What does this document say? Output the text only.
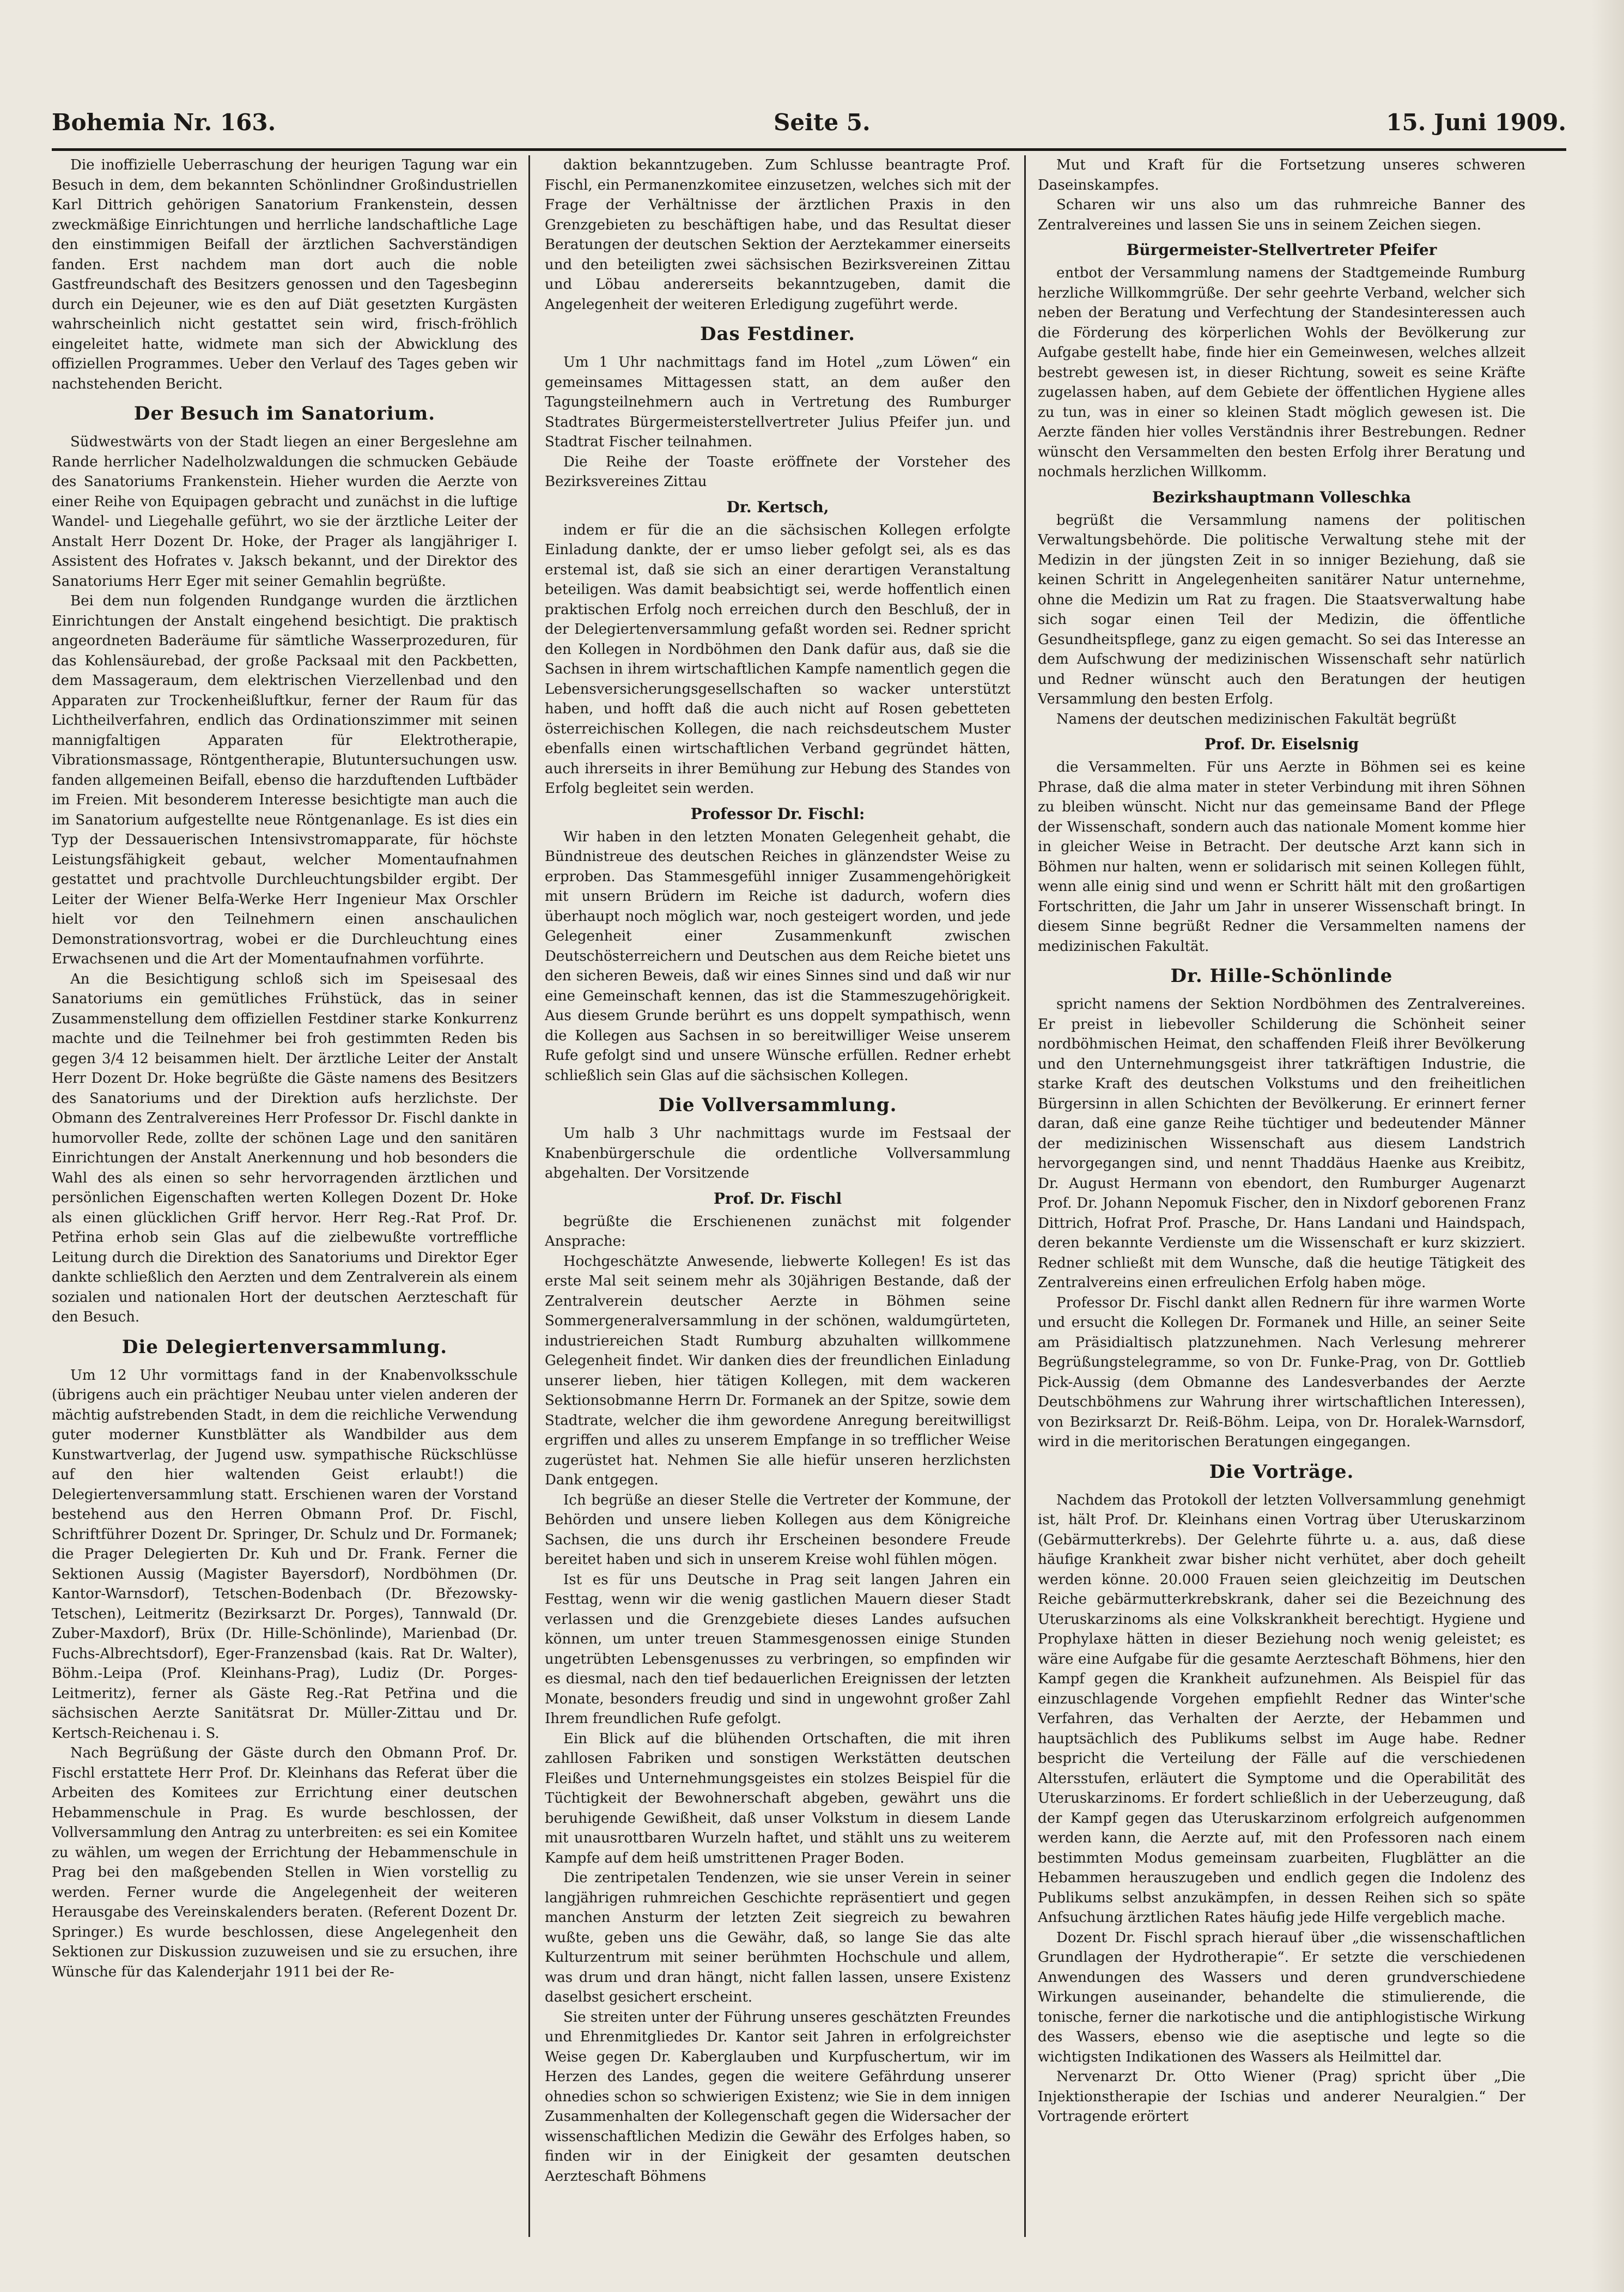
Bohemia Nr. 163.	Seite 5.	15. Juni 1909.

Die inoffizielle Ueberraschung der heurigen Tagung war ein Besuch in dem, dem bekannten Schönlindner Großindustriellen Karl Dittrich gehörigen Sanatorium Frankenstein, dessen zweckmäßige Einrichtungen und herrliche landschaftliche Lage den einstimmigen Beifall der ärztlichen Sachverständigen fanden. Erst nachdem man dort auch die noble Gastfreundschaft des Besitzers genossen und den Tagesbeginn durch ein Dejeuner, wie es den auf Diät gesetzten Kurgästen wahrscheinlich nicht gestattet sein wird, frisch-fröhlich eingeleitet hatte, widmete man sich der Abwicklung des offiziellen Programmes. Ueber den Verlauf des Tages geben wir nachstehenden Bericht.

Der Besuch im Sanatorium.

Südwestwärts von der Stadt liegen an einer Bergeslehne am Rande herrlicher Nadelholzwaldungen die schmucken Gebäude des Sanatoriums Frankenstein. Hieher wurden die Aerzte von einer Reihe von Equipagen gebracht und zunächst in die luftige Wandel- und Liegehalle geführt, wo sie der ärztliche Leiter der Anstalt Herr Dozent Dr. Hoke, der Prager als langjähriger I. Assistent des Hofrates v. Jaksch bekannt, und der Direktor des Sanatoriums Herr Eger mit seiner Gemahlin begrüßte.

Bei dem nun folgenden Rundgange wurden die ärztlichen Einrichtungen der Anstalt eingehend besichtigt. Die praktisch angeordneten Baderäume für sämtliche Wasserprozeduren, für das Kohlensäurebad, der große Packsaal mit den Packbetten, dem Massageraum, dem elektrischen Vierzellenbad und den Apparaten zur Trockenheißluftkur, ferner der Raum für das Lichtheilverfahren, endlich das Ordinationszimmer mit seinen mannigfaltigen Apparaten für Elektrotherapie, Vibrationsmassage, Röntgentherapie, Blutuntersuchungen usw. fanden allgemeinen Beifall, ebenso die harzduftenden Luftbäder im Freien. Mit besonderem Interesse besichtigte man auch die im Sanatorium aufgestellte neue Röntgenanlage. Es ist dies ein Typ der Dessauerischen Intensivstromapparate, für höchste Leistungsfähigkeit gebaut, welcher Momentaufnahmen gestattet und prachtvolle Durchleuchtungsbilder ergibt. Der Leiter der Wiener Belfa-Werke Herr Ingenieur Max Orschler hielt vor den Teilnehmern einen anschaulichen Demonstrationsvortrag, wobei er die Durchleuchtung eines Erwachsenen und die Art der Momentaufnahmen vorführte.

An die Besichtigung schloß sich im Speisesaal des Sanatoriums ein gemütliches Frühstück, das in seiner Zusammenstellung dem offiziellen Festdiner starke Konkurrenz machte und die Teilnehmer bei froh gestimmten Reden bis gegen 3/4 12 beisammen hielt. Der ärztliche Leiter der Anstalt Herr Dozent Dr. Hoke begrüßte die Gäste namens des Besitzers des Sanatoriums und der Direktion aufs herzlichste. Der Obmann des Zentralvereines Herr Professor Dr. Fischl dankte in humorvoller Rede, zollte der schönen Lage und den sanitären Einrichtungen der Anstalt Anerkennung und hob besonders die Wahl des als einen so sehr hervorragenden ärztlichen und persönlichen Eigenschaften werten Kollegen Dozent Dr. Hoke als einen glücklichen Griff hervor. Herr Reg.-Rat Prof. Dr. Petřina erhob sein Glas auf die zielbewußte vortreffliche Leitung durch die Direktion des Sanatoriums und Direktor Eger dankte schließlich den Aerzten und dem Zentralverein als einem sozialen und nationalen Hort der deutschen Aerzteschaft für den Besuch.

Die Delegiertenversammlung.

Um 12 Uhr vormittags fand in der Knabenvolksschule (übrigens auch ein prächtiger Neubau unter vielen anderen der mächtig aufstrebenden Stadt, in dem die reichliche Verwendung guter moderner Kunstblätter als Wandbilder aus dem Kunstwartverlag, der Jugend usw. sympathische Rückschlüsse auf den hier waltenden Geist erlaubt!) die Delegiertenversammlung statt. Erschienen waren der Vorstand bestehend aus den Herren Obmann Prof. Dr. Fischl, Schriftführer Dozent Dr. Springer, Dr. Schulz und Dr. Formanek; die Prager Delegierten Dr. Kuh und Dr. Frank. Ferner die Sektionen Aussig (Magister Bayersdorf), Nordböhmen (Dr. Kantor-Warnsdorf), Tetschen-Bodenbach (Dr. Březowsky-Tetschen), Leitmeritz (Bezirksarzt Dr. Porges), Tannwald (Dr. Zuber-Maxdorf), Brüx (Dr. Hille-Schönlinde), Marienbad (Dr. Fuchs-Albrechtsdorf), Eger-Franzensbad (kais. Rat Dr. Walter), Böhm.-Leipa (Prof. Kleinhans-Prag), Ludiz (Dr. Porges-Leitmeritz), ferner als Gäste Reg.-Rat Petřina und die sächsischen Aerzte Sanitätsrat Dr. Müller-Zittau und Dr. Kertsch-Reichenau i. S.

Nach Begrüßung der Gäste durch den Obmann Prof. Dr. Fischl erstattete Herr Prof. Dr. Kleinhans das Referat über die Arbeiten des Komitees zur Errichtung einer deutschen Hebammenschule in Prag. Es wurde beschlossen, der Vollversammlung den Antrag zu unterbreiten: es sei ein Komitee zu wählen, um wegen der Errichtung der Hebammenschule in Prag bei den maßgebenden Stellen in Wien vorstellig zu werden. Ferner wurde die Angelegenheit der weiteren Herausgabe des Vereinskalenders beraten. (Referent Dozent Dr. Springer.) Es wurde beschlossen, diese Angelegenheit den Sektionen zur Diskussion zuzuweisen und sie zu ersuchen, ihre Wünsche für das Kalenderjahr 1911 bei der Re-

daktion bekanntzugeben. Zum Schlusse beantragte Prof. Fischl, ein Permanenzkomitee einzusetzen, welches sich mit der Frage der Verhältnisse der ärztlichen Praxis in den Grenzgebieten zu beschäftigen habe, und das Resultat dieser Beratungen der deutschen Sektion der Aerztekammer einerseits und den beteiligten zwei sächsischen Bezirksvereinen Zittau und Löbau andererseits bekanntzugeben, damit die Angelegenheit der weiteren Erledigung zugeführt werde.

Das Festdiner.

Um 1 Uhr nachmittags fand im Hotel „zum Löwen“ ein gemeinsames Mittagessen statt, an dem außer den Tagungsteilnehmern auch in Vertretung des Rumburger Stadtrates Bürgermeisterstellvertreter Julius Pfeifer jun. und Stadtrat Fischer teilnahmen.

Die Reihe der Toaste eröffnete der Vorsteher des Bezirksvereines Zittau

Dr. Kertsch,

indem er für die an die sächsischen Kollegen erfolgte Einladung dankte, der er umso lieber gefolgt sei, als es das erstemal ist, daß sie sich an einer derartigen Veranstaltung beteiligen. Was damit beabsichtigt sei, werde hoffentlich einen praktischen Erfolg noch erreichen durch den Beschluß, der in der Delegiertenversammlung gefaßt worden sei. Redner spricht den Kollegen in Nordböhmen den Dank dafür aus, daß sie die Sachsen in ihrem wirtschaftlichen Kampfe namentlich gegen die Lebensversicherungsgesellschaften so wacker unterstützt haben, und hofft daß die auch nicht auf Rosen gebetteten österreichischen Kollegen, die nach reichsdeutschem Muster ebenfalls einen wirtschaftlichen Verband gegründet hätten, auch ihrerseits in ihrer Bemühung zur Hebung des Standes von Erfolg begleitet sein werden.

Professor Dr. Fischl:

Wir haben in den letzten Monaten Gelegenheit gehabt, die Bündnistreue des deutschen Reiches in glänzendster Weise zu erproben. Das Stammesgefühl inniger Zusammengehörigkeit mit unsern Brüdern im Reiche ist dadurch, wofern dies überhaupt noch möglich war, noch gesteigert worden, und jede Gelegenheit einer Zusammenkunft zwischen Deutschösterreichern und Deutschen aus dem Reiche bietet uns den sicheren Beweis, daß wir eines Sinnes sind und daß wir nur eine Gemeinschaft kennen, das ist die Stammeszugehörigkeit. Aus diesem Grunde berührt es uns doppelt sympathisch, wenn die Kollegen aus Sachsen in so bereitwilliger Weise unserem Rufe gefolgt sind und unsere Wünsche erfüllen. Redner erhebt schließlich sein Glas auf die sächsischen Kollegen.

Die Vollversammlung.

Um halb 3 Uhr nachmittags wurde im Festsaal der Knabenbürgerschule die ordentliche Vollversammlung abgehalten. Der Vorsitzende

Prof. Dr. Fischl

begrüßte die Erschienenen zunächst mit folgender Ansprache:

Hochgeschätzte Anwesende, liebwerte Kollegen! Es ist das erste Mal seit seinem mehr als 30jährigen Bestande, daß der Zentralverein deutscher Aerzte in Böhmen seine Sommergeneralversammlung in der schönen, waldumgürteten, industriereichen Stadt Rumburg abzuhalten willkommene Gelegenheit findet. Wir danken dies der freundlichen Einladung unserer lieben, hier tätigen Kollegen, mit dem wackeren Sektionsobmanne Herrn Dr. Formanek an der Spitze, sowie dem Stadtrate, welcher die ihm gewordene Anregung bereitwilligst ergriffen und alles zu unserem Empfange in so trefflicher Weise zugerüstet hat. Nehmen Sie alle hiefür unseren herzlichsten Dank entgegen.

Ich begrüße an dieser Stelle die Vertreter der Kommune, der Behörden und unsere lieben Kollegen aus dem Königreiche Sachsen, die uns durch ihr Erscheinen besondere Freude bereitet haben und sich in unserem Kreise wohl fühlen mögen.

Ist es für uns Deutsche in Prag seit langen Jahren ein Festtag, wenn wir die wenig gastlichen Mauern dieser Stadt verlassen und die Grenzgebiete dieses Landes aufsuchen können, um unter treuen Stammesgenossen einige Stunden ungetrübten Lebensgenusses zu verbringen, so empfinden wir es diesmal, nach den tief bedauerlichen Ereignissen der letzten Monate, besonders freudig und sind in ungewohnt großer Zahl Ihrem freundlichen Rufe gefolgt.

Ein Blick auf die blühenden Ortschaften, die mit ihren zahllosen Fabriken und sonstigen Werkstätten deutschen Fleißes und Unternehmungsgeistes ein stolzes Beispiel für die Tüchtigkeit der Bewohnerschaft abgeben, gewährt uns die beruhigende Gewißheit, daß unser Volkstum in diesem Lande mit unausrottbaren Wurzeln haftet, und stählt uns zu weiterem Kampfe auf dem heiß umstrittenen Prager Boden.

Die zentripetalen Tendenzen, wie sie unser Verein in seiner langjährigen ruhmreichen Geschichte repräsentiert und gegen manchen Ansturm der letzten Zeit siegreich zu bewahren wußte, geben uns die Gewähr, daß, so lange Sie das alte Kulturzentrum mit seiner berühmten Hochschule und allem, was drum und dran hängt, nicht fallen lassen, unsere Existenz daselbst gesichert erscheint.

Sie streiten unter der Führung unseres geschätzten Freundes und Ehrenmitgliedes Dr. Kantor seit Jahren in erfolgreichster Weise gegen Dr. Kaberglauben und Kurpfuschertum, wir im Herzen des Landes, gegen die weitere Gefährdung unserer ohnedies schon so schwierigen Existenz; wie Sie in dem innigen Zusammenhalten der Kollegenschaft gegen die Widersacher der wissenschaftlichen Medizin die Gewähr des Erfolges haben, so finden wir in der Einigkeit der gesamten deutschen Aerzteschaft Böhmens

Mut und Kraft für die Fortsetzung unseres schweren Daseinskampfes.

Scharen wir uns also um das ruhmreiche Banner des Zentralvereines und lassen Sie uns in seinem Zeichen siegen.

Bürgermeister-Stellvertreter Pfeifer

entbot der Versammlung namens der Stadtgemeinde Rumburg herzliche Willkommgrüße. Der sehr geehrte Verband, welcher sich neben der Beratung und Verfechtung der Standesinteressen auch die Förderung des körperlichen Wohls der Bevölkerung zur Aufgabe gestellt habe, finde hier ein Gemeinwesen, welches allzeit bestrebt gewesen ist, in dieser Richtung, soweit es seine Kräfte zugelassen haben, auf dem Gebiete der öffentlichen Hygiene alles zu tun, was in einer so kleinen Stadt möglich gewesen ist. Die Aerzte fänden hier volles Verständnis ihrer Bestrebungen. Redner wünscht den Versammelten den besten Erfolg ihrer Beratung und nochmals herzlichen Willkomm.

Bezirkshauptmann Volleschka

begrüßt die Versammlung namens der politischen Verwaltungsbehörde. Die politische Verwaltung stehe mit der Medizin in der jüngsten Zeit in so inniger Beziehung, daß sie keinen Schritt in Angelegenheiten sanitärer Natur unternehme, ohne die Medizin um Rat zu fragen. Die Staatsverwaltung habe sich sogar einen Teil der Medizin, die öffentliche Gesundheitspflege, ganz zu eigen gemacht. So sei das Interesse an dem Aufschwung der medizinischen Wissenschaft sehr natürlich und Redner wünscht auch den Beratungen der heutigen Versammlung den besten Erfolg.

Namens der deutschen medizinischen Fakultät begrüßt

Prof. Dr. Eiselsnig

die Versammelten. Für uns Aerzte in Böhmen sei es keine Phrase, daß die alma mater in steter Verbindung mit ihren Söhnen zu bleiben wünscht. Nicht nur das gemeinsame Band der Pflege der Wissenschaft, sondern auch das nationale Moment komme hier in gleicher Weise in Betracht. Der deutsche Arzt kann sich in Böhmen nur halten, wenn er solidarisch mit seinen Kollegen fühlt, wenn alle einig sind und wenn er Schritt hält mit den großartigen Fortschritten, die Jahr um Jahr in unserer Wissenschaft bringt. In diesem Sinne begrüßt Redner die Versammelten namens der medizinischen Fakultät.

Dr. Hille-Schönlinde

spricht namens der Sektion Nordböhmen des Zentralvereines. Er preist in liebevoller Schilderung die Schönheit seiner nordböhmischen Heimat, den schaffenden Fleiß ihrer Bevölkerung und den Unternehmungsgeist ihrer tatkräftigen Industrie, die starke Kraft des deutschen Volkstums und den freiheitlichen Bürgersinn in allen Schichten der Bevölkerung. Er erinnert ferner daran, daß eine ganze Reihe tüchtiger und bedeutender Männer der medizinischen Wissenschaft aus diesem Landstrich hervorgegangen sind, und nennt Thaddäus Haenke aus Kreibitz, Dr. August Hermann von ebendort, den Rumburger Augenarzt Prof. Dr. Johann Nepomuk Fischer, den in Nixdorf geborenen Franz Dittrich, Hofrat Prof. Prasche, Dr. Hans Landani und Haindspach, deren bekannte Verdienste um die Wissenschaft er kurz skizziert. Redner schließt mit dem Wunsche, daß die heutige Tätigkeit des Zentralvereins einen erfreulichen Erfolg haben möge.

Professor Dr. Fischl dankt allen Rednern für ihre warmen Worte und ersucht die Kollegen Dr. Formanek und Hille, an seiner Seite am Präsidialtisch platzzunehmen. Nach Verlesung mehrerer Begrüßungstelegramme, so von Dr. Funke-Prag, von Dr. Gottlieb Pick-Aussig (dem Obmanne des Landesverbandes der Aerzte Deutschböhmens zur Wahrung ihrer wirtschaftlichen Interessen), von Bezirksarzt Dr. Reiß-Böhm. Leipa, von Dr. Horalek-Warnsdorf, wird in die meritorischen Beratungen eingegangen.

Die Vorträge.

Nachdem das Protokoll der letzten Vollversammlung genehmigt ist, hält Prof. Dr. Kleinhans einen Vortrag über Uteruskarzinom (Gebärmutterkrebs). Der Gelehrte führte u. a. aus, daß diese häufige Krankheit zwar bisher nicht verhütet, aber doch geheilt werden könne. 20.000 Frauen seien gleichzeitig im Deutschen Reiche gebärmutterkrebskrank, daher sei die Bezeichnung des Uteruskarzinoms als eine Volkskrankheit berechtigt. Hygiene und Prophylaxe hätten in dieser Beziehung noch wenig geleistet; es wäre eine Aufgabe für die gesamte Aerzteschaft Böhmens, hier den Kampf gegen die Krankheit aufzunehmen. Als Beispiel für das einzuschlagende Vorgehen empfiehlt Redner das Winter'sche Verfahren, das Verhalten der Aerzte, der Hebammen und hauptsächlich des Publikums selbst im Auge habe. Redner bespricht die Verteilung der Fälle auf die verschiedenen Altersstufen, erläutert die Symptome und die Operabilität des Uteruskarzinoms. Er fordert schließlich in der Ueberzeugung, daß der Kampf gegen das Uteruskarzinom erfolgreich aufgenommen werden kann, die Aerzte auf, mit den Professoren nach einem bestimmten Modus gemeinsam zuarbeiten, Flugblätter an die Hebammen herauszugeben und endlich gegen die Indolenz des Publikums selbst anzukämpfen, in dessen Reihen sich so späte Anfsuchung ärztlichen Rates häufig jede Hilfe vergeblich mache.

Dozent Dr. Fischl sprach hierauf über „die wissenschaftlichen Grundlagen der Hydrotherapie“. Er setzte die verschiedenen Anwendungen des Wassers und deren grundverschiedene Wirkungen auseinander, behandelte die stimulierende, die tonische, ferner die narkotische und die antiphlogistische Wirkung des Wassers, ebenso wie die aseptische und legte so die wichtigsten Indikationen des Wassers als Heilmittel dar.

Nervenarzt Dr. Otto Wiener (Prag) spricht über „Die Injektionstherapie der Ischias und anderer Neuralgien.“ Der Vortragende erörtert
